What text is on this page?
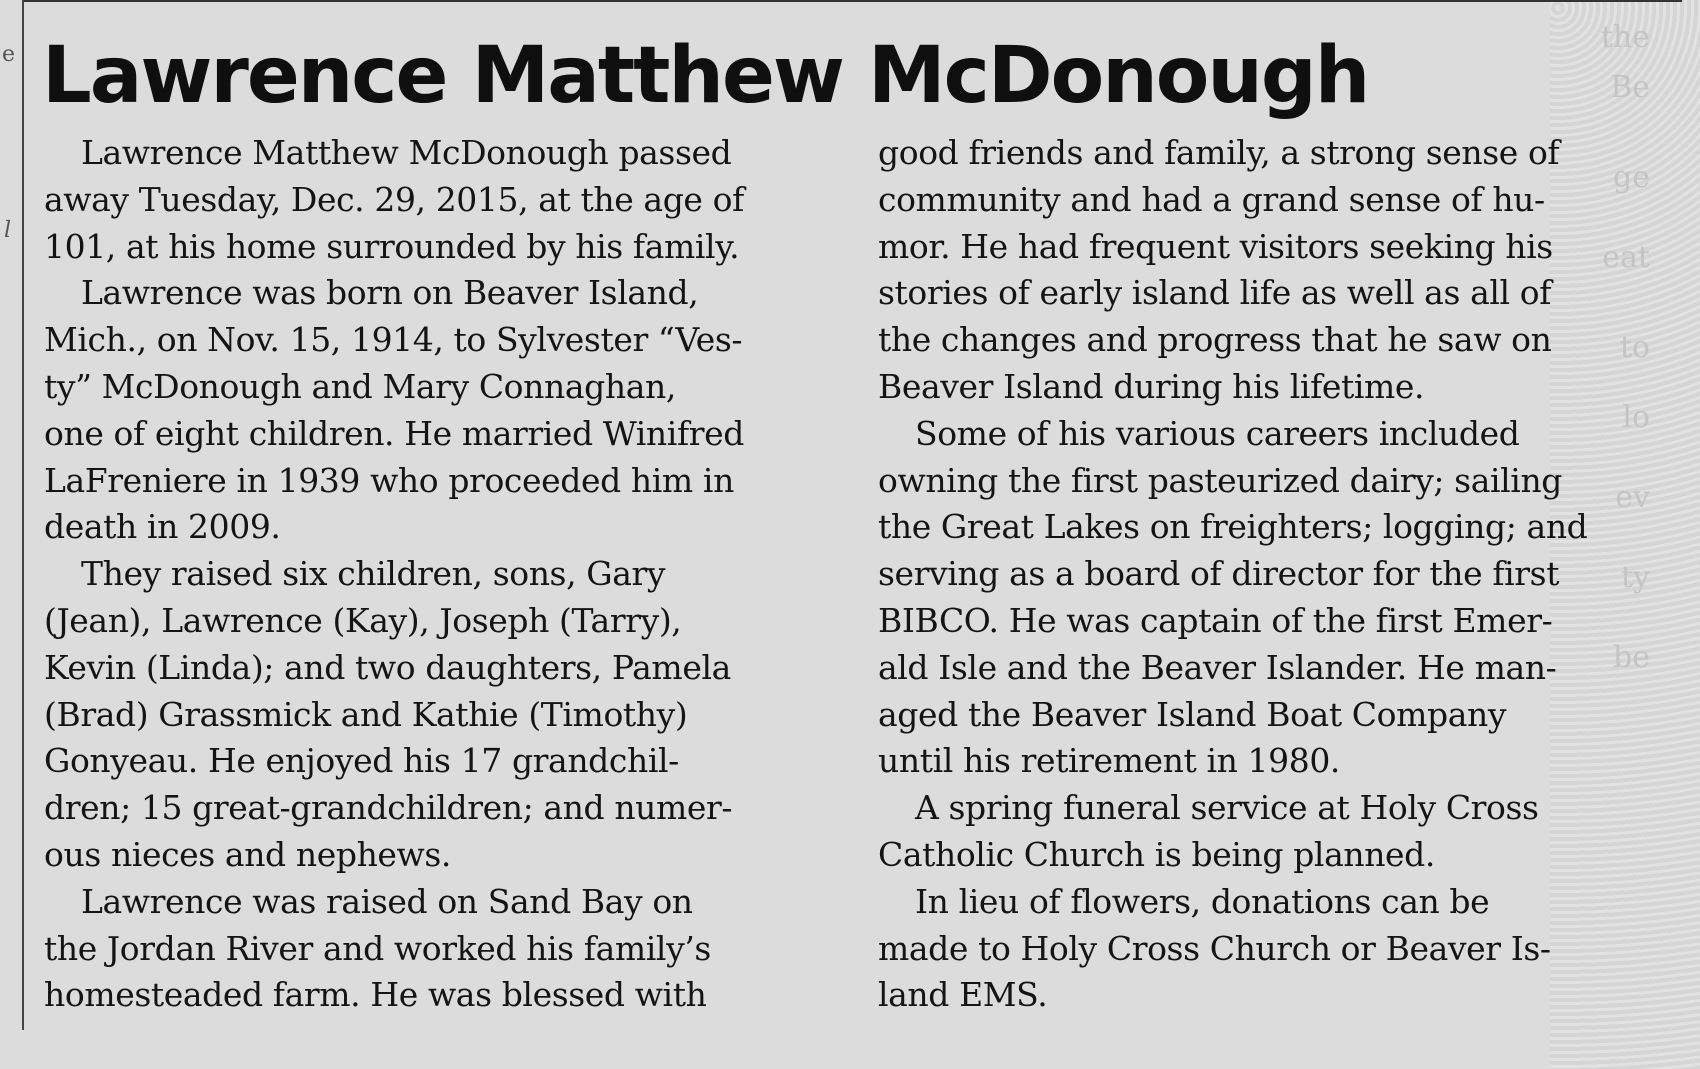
e
l
the
Be
ge
eat
to
lo
ev
ty
be
Lawrence Matthew McDonough
Lawrence Matthew McDonough passed
away Tuesday, Dec. 29, 2015, at the age of
101, at his home surrounded by his family.
Lawrence was born on Beaver Island,
Mich., on Nov. 15, 1914, to Sylvester “Ves-
ty” McDonough and Mary Connaghan,
one of eight children. He married Winifred
LaFreniere in 1939 who proceeded him in
death in 2009.
They raised six children, sons, Gary
(Jean), Lawrence (Kay), Joseph (Tarry),
Kevin (Linda); and two daughters, Pamela
(Brad) Grassmick and Kathie (Timothy)
Gonyeau. He enjoyed his 17 grandchil-
dren; 15 great-grandchildren; and numer-
ous nieces and nephews.
Lawrence was raised on Sand Bay on
the Jordan River and worked his family’s
homesteaded farm. He was blessed with
good friends and family, a strong sense of
community and had a grand sense of hu-
mor. He had frequent visitors seeking his
stories of early island life as well as all of
the changes and progress that he saw on
Beaver Island during his lifetime.
Some of his various careers included
owning the first pasteurized dairy; sailing
the Great Lakes on freighters; logging; and
serving as a board of director for the first
BIBCO. He was captain of the first Emer-
ald Isle and the Beaver Islander. He man-
aged the Beaver Island Boat Company
until his retirement in 1980.
A spring funeral service at Holy Cross
Catholic Church is being planned.
In lieu of flowers, donations can be
made to Holy Cross Church or Beaver Is-
land EMS.
